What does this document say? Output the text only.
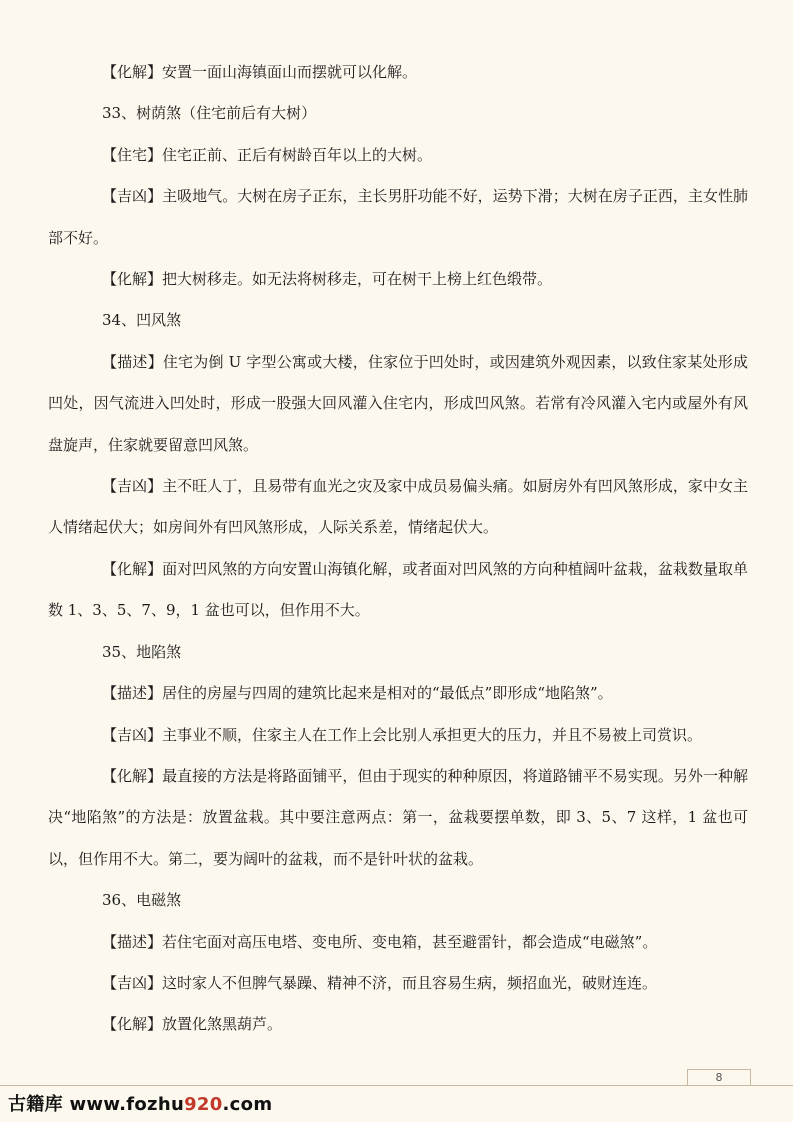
【化解】安置一面山海镇面山而摆就可以化解。

33、树荫煞（住宅前后有大树）

【住宅】住宅正前、正后有树龄百年以上的大树。

【吉凶】主吸地气。大树在房子正东，主长男肝功能不好，运势下滑；大树在房子正西，主女性肺部不好。

【化解】把大树移走。如无法将树移走，可在树干上榜上红色缎带。

34、凹风煞

【描述】住宅为倒 U 字型公寓或大楼，住家位于凹处时，或因建筑外观因素，以致住家某处形成凹处，因气流进入凹处时，形成一股强大回风灌入住宅内，形成凹风煞。若常有冷风灌入宅内或屋外有风盘旋声，住家就要留意凹风煞。

【吉凶】主不旺人丁，且易带有血光之灾及家中成员易偏头痛。如厨房外有凹风煞形成，家中女主人情绪起伏大；如房间外有凹风煞形成，人际关系差，情绪起伏大。

【化解】面对凹风煞的方向安置山海镇化解，或者面对凹风煞的方向种植阔叶盆栽，盆栽数量取单数 1、3、5、7、9，1 盆也可以，但作用不大。

35、地陷煞

【描述】居住的房屋与四周的建筑比起来是相对的“最低点”即形成“地陷煞”。

【吉凶】主事业不顺，住家主人在工作上会比别人承担更大的压力，并且不易被上司赏识。

【化解】最直接的方法是将路面铺平，但由于现实的种种原因，将道路铺平不易实现。另外一种解决“地陷煞”的方法是：放置盆栽。其中要注意两点：第一，盆栽要摆单数，即 3、5、7 这样，1 盆也可以，但作用不大。第二，要为阔叶的盆栽，而不是针叶状的盆栽。

36、电磁煞

【描述】若住宅面对高压电塔、变电所、变电箱，甚至避雷针，都会造成“电磁煞”。

【吉凶】这时家人不但脾气暴躁、精神不济，而且容易生病，频招血光，破财连连。

【化解】放置化煞黑葫芦。

8
古籍库 www.fozhu920.com
